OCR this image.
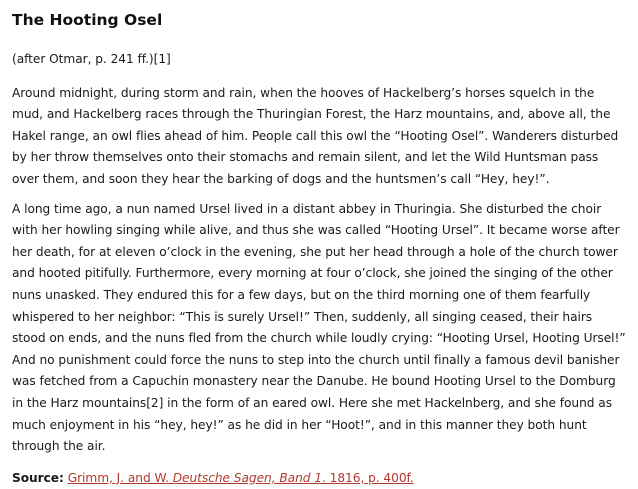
The Hooting Osel

(after Otmar, p. 241 ff.)[1]

Around midnight, during storm and rain, when the hooves of Hackelberg’s horses squelch in the mud, and Hackelberg races through the Thuringian Forest, the Harz mountains, and, above all, the Hakel range, an owl flies ahead of him. People call this owl the “Hooting Osel”. Wanderers disturbed by her throw themselves onto their stomachs and remain silent, and let the Wild Huntsman pass over them, and soon they hear the barking of dogs and the huntsmen’s call “Hey, hey!”.

A long time ago, a nun named Ursel lived in a distant abbey in Thuringia. She disturbed the choir with her howling singing while alive, and thus she was called “Hooting Ursel”. It became worse after her death, for at eleven o’clock in the evening, she put her head through a hole of the church tower and hooted pitifully. Furthermore, every morning at four o’clock, she joined the singing of the other nuns unasked. They endured this for a few days, but on the third morning one of them fearfully whispered to her neighbor: “This is surely Ursel!” Then, suddenly, all singing ceased, their hairs stood on ends, and the nuns fled from the church while loudly crying: “Hooting Ursel, Hooting Ursel!” And no punishment could force the nuns to step into the church until finally a famous devil banisher was fetched from a Capuchin monastery near the Danube. He bound Hooting Ursel to the Domburg in the Harz mountains[2] in the form of an eared owl. Here she met Hackelnberg, and she found as much enjoyment in his “hey, hey!” as he did in her “Hoot!”, and in this manner they both hunt through the air.

Source: Grimm, J. and W. Deutsche Sagen, Band 1. 1816, p. 400f.
